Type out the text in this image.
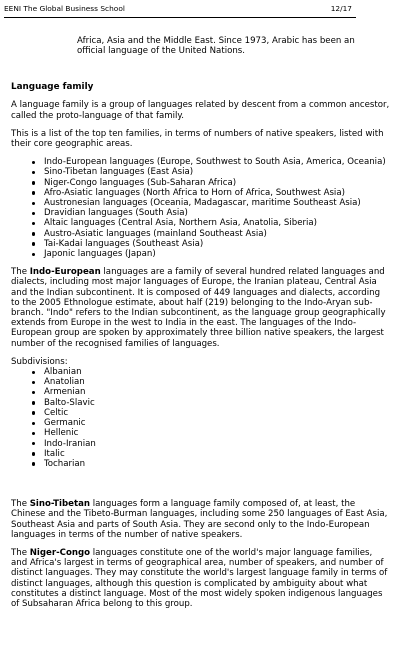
EENI The Global Business School	12/17
Africa, Asia and the Middle East. Since 1973, Arabic has been an official language of the United Nations.
Language family

A language family is a group of languages related by descent from a common ancestor, called the proto-language of that family.

This is a list of the top ten families, in terms of numbers of native speakers, listed with their core geographic areas.

Indo-European languages (Europe, Southwest to South Asia, America, Oceania)
Sino-Tibetan languages (East Asia)
Niger-Congo languages (Sub-Saharan Africa)
Afro-Asiatic languages (North Africa to Horn of Africa, Southwest Asia)
Austronesian languages (Oceania, Madagascar, maritime Southeast Asia)
Dravidian languages (South Asia)
Altaic languages (Central Asia, Northern Asia, Anatolia, Siberia)
Austro-Asiatic languages (mainland Southeast Asia)
Tai-Kadai languages (Southeast Asia)
Japonic languages (Japan)

The Indo-European languages are a family of several hundred related languages and dialects, including most major languages of Europe, the Iranian plateau, Central Asia and the Indian subcontinent. It is composed of 449 languages and dialects, according to the 2005 Ethnologue estimate, about half (219) belonging to the Indo-Aryan sub-branch. "Indo" refers to the Indian subcontinent, as the language group geographically extends from Europe in the west to India in the east. The languages of the Indo-European group are spoken by approximately three billion native speakers, the largest number of the recognised families of languages.

Subdivisions:

Albanian
Anatolian
Armenian
Balto-Slavic
Celtic
Germanic
Hellenic
Indo-Iranian
Italic
Tocharian

The Sino-Tibetan languages form a language family composed of, at least, the Chinese and the Tibeto-Burman languages, including some 250 languages of East Asia, Southeast Asia and parts of South Asia. They are second only to the Indo-European languages in terms of the number of native speakers.

The Niger-Congo languages constitute one of the world's major language families, and Africa's largest in terms of geographical area, number of speakers, and number of distinct languages. They may constitute the world's largest language family in terms of distinct languages, although this question is complicated by ambiguity about what constitutes a distinct language. Most of the most widely spoken indigenous languages of Subsaharan Africa belong to this group.
